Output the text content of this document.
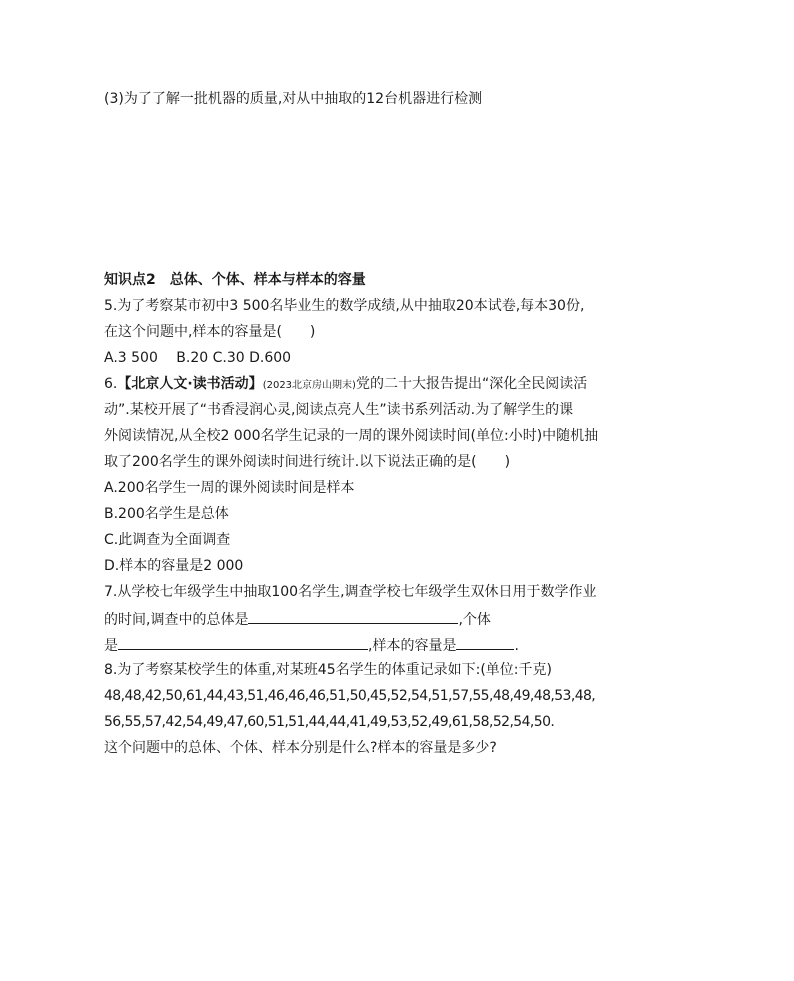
(3)为了了解一批机器的质量,对从中抽取的12台机器进行检测
知识点2　总体、个体、样本与样本的容量
5.为了考察某市初中3 500名毕业生的数学成绩,从中抽取20本试卷,每本30份,
在这个问题中,样本的容量是(　　)
A.3 500　 B.20 C.30 D.600
6.【北京人文·读书活动】(2023北京房山期末)党的二十大报告提出“深化全民阅读活
动”.某校开展了“书香浸润心灵,阅读点亮人生”读书系列活动.为了解学生的课
外阅读情况,从全校2 000名学生记录的一周的课外阅读时间(单位:小时)中随机抽
取了200名学生的课外阅读时间进行统计.以下说法正确的是(　　)
A.200名学生一周的课外阅读时间是样本
B.200名学生是总体
C.此调查为全面调查
D.样本的容量是2 000
7.从学校七年级学生中抽取100名学生,调查学校七年级学生双休日用于数学作业
的时间,调查中的总体是	,个体
是	,样本的容量是	.
8.为了考察某校学生的体重,对某班45名学生的体重记录如下:(单位:千克)
48,48,42,50,61,44,43,51,46,46,46,51,50,45,52,54,51,57,55,48,49,48,53,48,
56,55,57,42,54,49,47,60,51,51,44,44,41,49,53,52,49,61,58,52,54,50.
这个问题中的总体、个体、样本分别是什么?样本的容量是多少?
